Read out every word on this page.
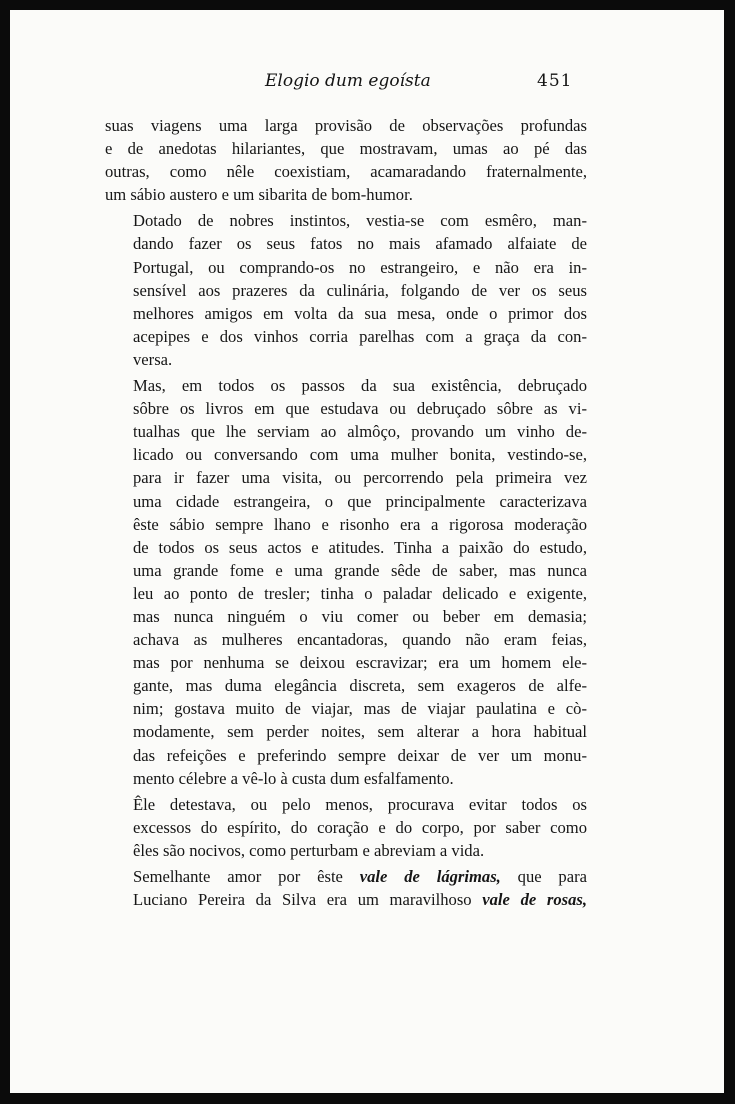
Elogio dum egoísta	451

suas viagens uma larga provisão de observações profundas
e de anedotas hilariantes, que mostravam, umas ao pé das
outras, como nêle coexistiam, acamaradando fraternalmente,
um sábio austero e um sibarita de bom-humor.

Dotado de nobres instintos, vestia-se com esmêro, man-
dando fazer os seus fatos no mais afamado alfaiate de
Portugal, ou comprando-os no estrangeiro, e não era in-
sensível aos prazeres da culinária, folgando de ver os seus
melhores amigos em volta da sua mesa, onde o primor dos
acepipes e dos vinhos corria parelhas com a graça da con-
versa.

Mas, em todos os passos da sua existência, debruçado
sôbre os livros em que estudava ou debruçado sôbre as vi-
tualhas que lhe serviam ao almôço, provando um vinho de-
licado ou conversando com uma mulher bonita, vestindo-se,
para ir fazer uma visita, ou percorrendo pela primeira vez
uma cidade estrangeira, o que principalmente caracterizava
êste sábio sempre lhano e risonho era a rigorosa moderação
de todos os seus actos e atitudes. Tinha a paixão do estudo,
uma grande fome e uma grande sêde de saber, mas nunca
leu ao ponto de tresler; tinha o paladar delicado e exigente,
mas nunca ninguém o viu comer ou beber em demasia;
achava as mulheres encantadoras, quando não eram feias,
mas por nenhuma se deixou escravizar; era um homem ele-
gante, mas duma elegância discreta, sem exageros de alfe-
nim; gostava muito de viajar, mas de viajar paulatina e cò-
modamente, sem perder noites, sem alterar a hora habitual
das refeições e preferindo sempre deixar de ver um monu-
mento célebre a vê-lo à custa dum esfalfamento.

Êle detestava, ou pelo menos, procurava evitar todos os
excessos do espírito, do coração e do corpo, por saber como
êles são nocivos, como perturbam e abreviam a vida.

Semelhante amor por êste vale de lágrimas, que para
Luciano Pereira da Silva era um maravilhoso vale de rosas,
